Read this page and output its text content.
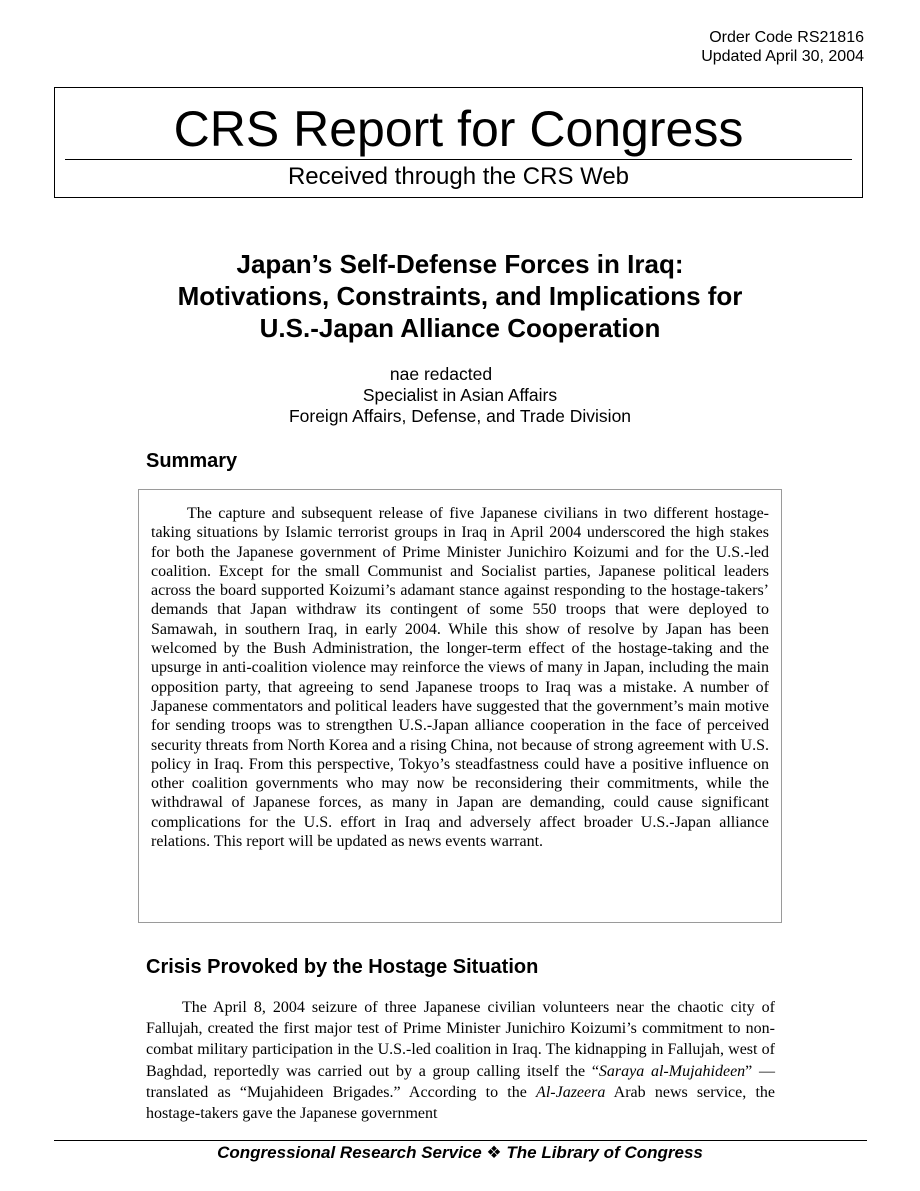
Order Code RS21816
Updated April 30, 2004
CRS Report for Congress
Received through the CRS Web
Japan’s Self-Defense Forces in Iraq:
Motivations, Constraints, and Implications for
U.S.-Japan Alliance Cooperation
nae redacted
Specialist in Asian Affairs
Foreign Affairs, Defense, and Trade Division
Summary

The capture and subsequent release of five Japanese civilians in two different hostage-taking situations by Islamic terrorist groups in Iraq in April 2004 underscored the high stakes for both the Japanese government of Prime Minister Junichiro Koizumi and for the U.S.-led coalition. Except for the small Communist and Socialist parties, Japanese political leaders across the board supported Koizumi’s adamant stance against responding to the hostage-takers’ demands that Japan withdraw its contingent of some 550 troops that were deployed to Samawah, in southern Iraq, in early 2004. While this show of resolve by Japan has been welcomed by the Bush Administration, the longer-term effect of the hostage-taking and the upsurge in anti-coalition violence may reinforce the views of many in Japan, including the main opposition party, that agreeing to send Japanese troops to Iraq was a mistake. A number of Japanese commentators and political leaders have suggested that the government’s main motive for sending troops was to strengthen U.S.-Japan alliance cooperation in the face of perceived security threats from North Korea and a rising China, not because of strong agreement with U.S. policy in Iraq. From this perspective, Tokyo’s steadfastness could have a positive influence on other coalition governments who may now be reconsidering their commitments, while the withdrawal of Japanese forces, as many in Japan are demanding, could cause significant complications for the U.S. effort in Iraq and adversely affect broader U.S.-Japan alliance relations. This report will be updated as news events warrant.

Crisis Provoked by the Hostage Situation

The April 8, 2004 seizure of three Japanese civilian volunteers near the chaotic city of Fallujah, created the first major test of Prime Minister Junichiro Koizumi’s commitment to non-combat military participation in the U.S.-led coalition in Iraq. The kidnapping in Fallujah, west of Baghdad, reportedly was carried out by a group calling itself the “Saraya al-Mujahideen” — translated as “Mujahideen Brigades.” According to the Al-Jazeera Arab news service, the hostage-takers gave the Japanese government

Congressional Research Service ❖ The Library of Congress
